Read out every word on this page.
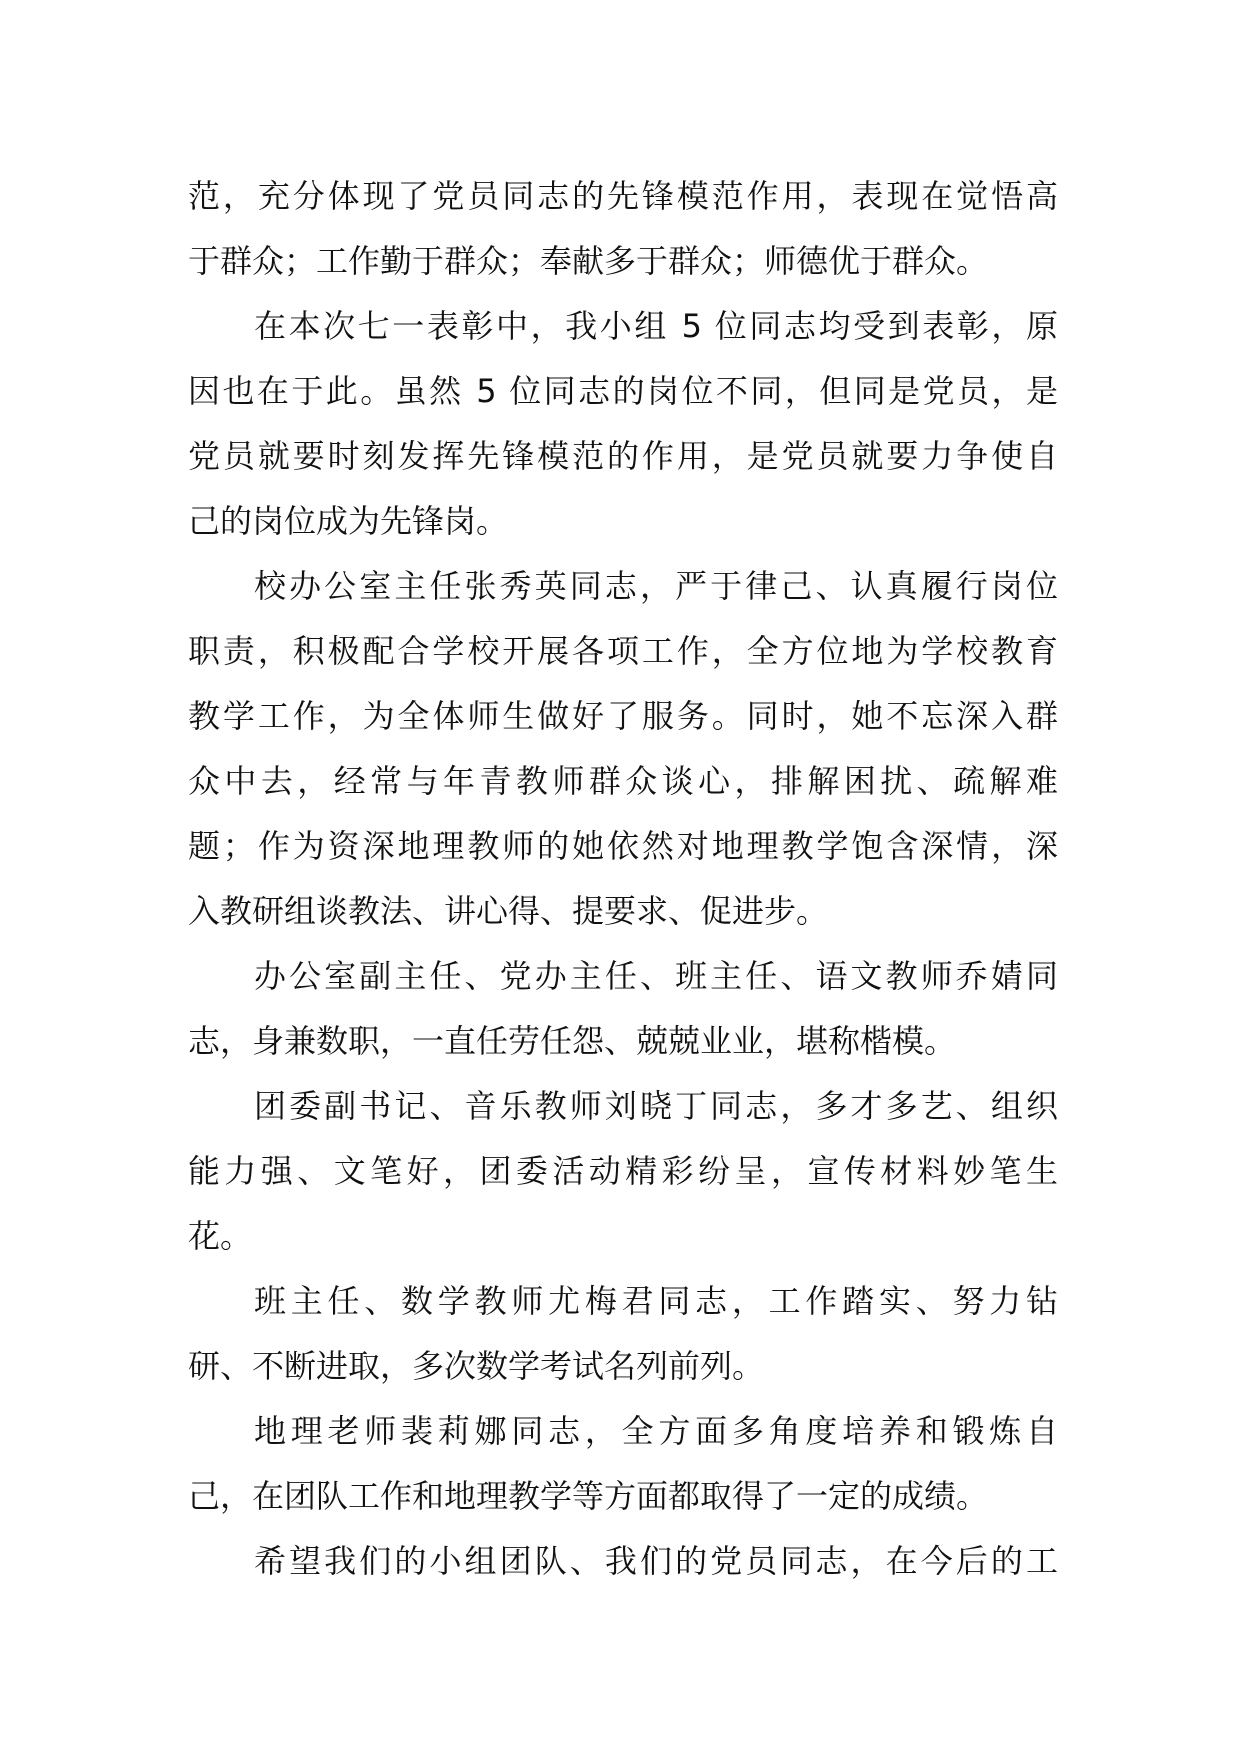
范，充分体现了党员同志的先锋模范作用，表现在觉悟高
于群众；工作勤于群众；奉献多于群众；师德优于群众。
在本次七一表彰中，我小组 5 位同志均受到表彰，原
因也在于此。虽然 5 位同志的岗位不同，但同是党员，是
党员就要时刻发挥先锋模范的作用，是党员就要力争使自
己的岗位成为先锋岗。
校办公室主任张秀英同志，严于律己、认真履行岗位
职责，积极配合学校开展各项工作，全方位地为学校教育
教学工作，为全体师生做好了服务。同时，她不忘深入群
众中去，经常与年青教师群众谈心，排解困扰、疏解难
题；作为资深地理教师的她依然对地理教学饱含深情，深
入教研组谈教法、讲心得、提要求、促进步。
办公室副主任、党办主任、班主任、语文教师乔婧同
志，身兼数职，一直任劳任怨、兢兢业业，堪称楷模。
团委副书记、音乐教师刘晓丁同志，多才多艺、组织
能力强、文笔好，团委活动精彩纷呈，宣传材料妙笔生
花。
班主任、数学教师尤梅君同志，工作踏实、努力钻
研、不断进取，多次数学考试名列前列。
地理老师裴莉娜同志，全方面多角度培养和锻炼自
己，在团队工作和地理教学等方面都取得了一定的成绩。
希望我们的小组团队、我们的党员同志，在今后的工
